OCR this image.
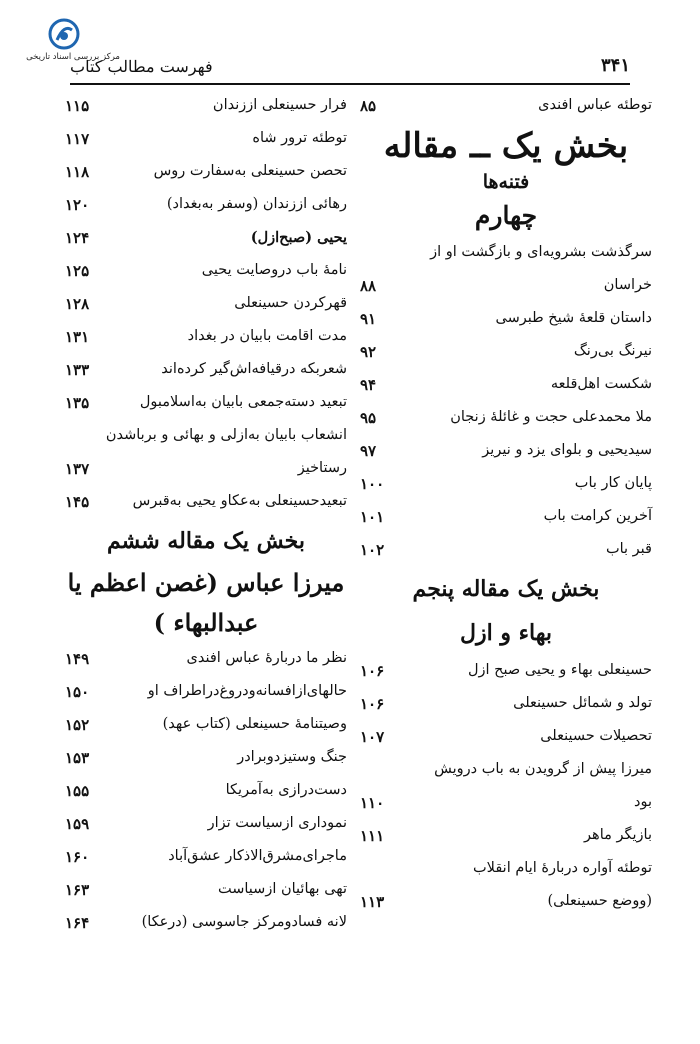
مرکز بررسی اسناد تاریخی	۳۴۱
فهرست مطالب کتاب
توطئه عباس افندی
۸۵
بخش یک ــ مقاله
فتنه‌ها
چهارم
سرگذشت بشرویه‌ای و بازگشت او از
خراسان
۸۸
داستان قلعهٔ شیخ طبرسی
۹۱
نیرنگ بی‌رنگ
۹۲
شکست اهل‌قلعه
۹۴
ملا محمدعلی حجت و غائلهٔ زنجان
۹۵
سیدیحیی و بلوای یزد و نیریز
۹۷
پایان کار باب
۱۰۰
آخرین کرامت باب
۱۰۱
قبر باب
۱۰۲
بخش یک مقاله پنجم
بهاء و ازل
حسینعلی بهاء و یحیی صبح ازل
۱۰۶
تولد و شمائل حسینعلی
۱۰۶
تحصیلات حسینعلی
۱۰۷
میرزا پیش از گرویدن به باب درویش
بود
۱۱۰
بازیگر ماهر
۱۱۱
توطئه آواره دربارهٔ ایام انقلاب
(ووضع حسینعلی)
۱۱۳
فرار حسینعلی اززندان
۱۱۵
توطئه ترور شاه
۱۱۷
تحصن حسینعلی به‌سفارت روس
۱۱۸
رهائی اززندان (وسفر به‌بغداد)
۱۲۰
یحیی (صبح‌ازل)
۱۲۴
نامهٔ باب درو‌صایت یحیی
۱۲۵
قهرکردن حسینعلی
۱۲۸
مدت اقامت بابیان در بغداد
۱۳۱
شعربکه درقیافه‌اش‌گیر کرده‌اند
۱۳۳
تبعید دسته‌جمعی بابیان به‌اسلامبول
۱۳۵
انشعاب بابیان به‌ازلی و بهائی و برباشدن
رستاخیز
۱۳۷
تبعیدحسینعلی به‌عکاو یحیی به‌قبرس
۱۴۵
بخش یک مقاله ششم
میرزا عباس (غصن اعظم یا
عبدالبهاء )
نظر ما دربارهٔ عباس افندی
۱۴۹
حالهای‌ازافسانه‌ودروغ‌دراطراف او
۱۵۰
وصیتنامهٔ حسینعلی (کتاب عهد)
۱۵۲
جنگ وستیزدوبرادر
۱۵۳
دست‌درازی به‌آمریکا
۱۵۵
نموداری ازسیاست تزار
۱۵۹
ماجرای‌مشرق‌الاذکار عشق‌آباد
۱۶۰
تهی بهائیان ازسیاست
۱۶۳
لانه فسادومرکز جاسوسی (درعکا)
۱۶۴
